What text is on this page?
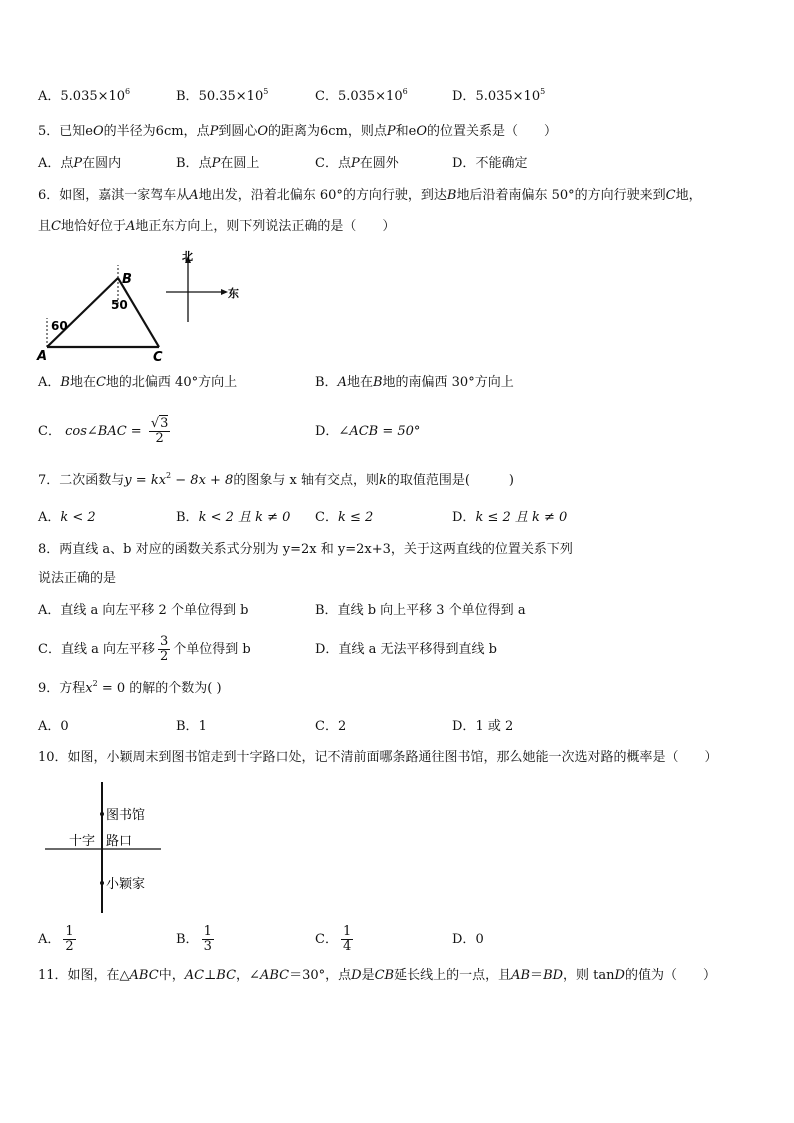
A．$5.035\times 10^6$	B．$50.35\times 10^5$	C．$5.035\times 10^6$	D．$5.035\times 10^5$
5．已知eO的半径为6cm，点P到圆心O的距离为6cm，则点P和eO的位置关系是（　　）
A．点P在圆内	B．点P在圆上	C．点P在圆外	D．不能确定
6．如图，嘉淇一家驾车从A地出发，沿着北偏东 60°的方向行驶，到达B地后沿着南偏东 50°的方向行驶来到C地，
且C地恰好位于A地正东方向上，则下列说法正确的是（　　）
B
50
60
A	C
北
东
A．B地在C地的北偏西 40°方向上	B．A地在B地的南偏西 30°方向上
C． cos∠BAC = $\frac{√3}{2}$	D．∠ACB = 50°
7．二次函数与$y = kx^2 - 8x + 8$的图象与 x 轴有交点，则k的取值范围是(　　　)
A．k < 2	B．k < 2 且 k ≠ 0 C．k ≤ 2	D．k ≤ 2 且 k ≠ 0
8．两直线 a、b 对应的函数关系式分别为 y=2x 和 y=2x+3，关于这两直线的位置关系下列
说法正确的是
A．直线 a 向左平移 2 个单位得到 b	B．直线 b 向上平移 3 个单位得到 a
C．直线 a 向左平移 $\frac{3}{2}$ 个单位得到 b	D．直线 a 无法平移得到直线 b
9．方程$x^2 = 0$ 的解的个数为( )
A．0	B．1	C．2	D．1 或 2
10．如图，小颖周末到图书馆走到十字路口处，记不清前面哪条路通往图书馆，那么她能一次选对路的概率是（　　）
图书馆
十字 路口
小颖家
A． $\frac{1}{2}$	B． $\frac{1}{3}$	C． $\frac{1}{4}$	D．0
11．如图，在△ABC中，AC⊥BC，∠ABC＝30°，点D是CB延长线上的一点，且AB＝BD，则 tanD的值为（　　）
